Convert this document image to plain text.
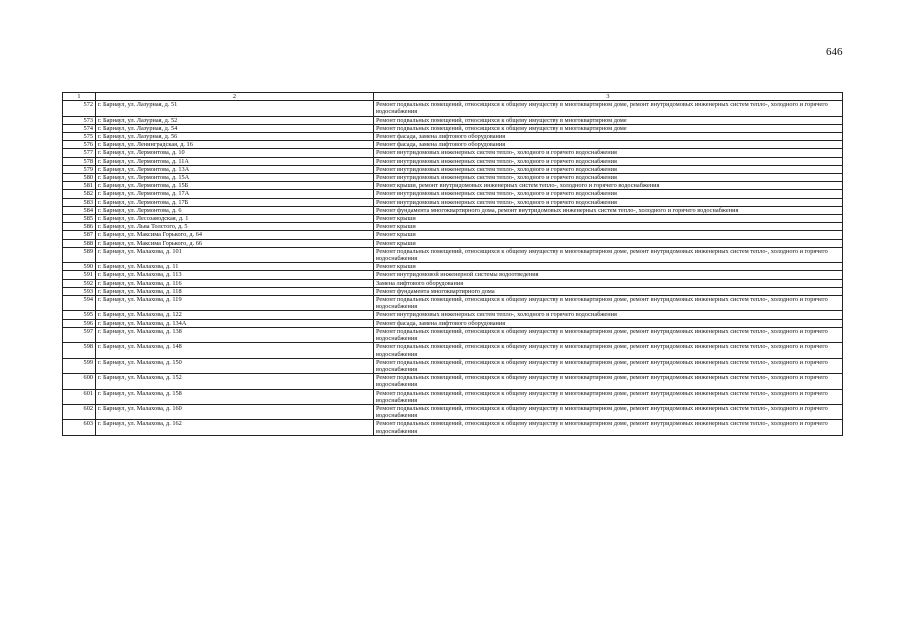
646
1	2	3
572	г. Барнаул, ул. Лазурная, д. 51	Ремонт подвальных помещений, относящихся к общему имуществу в многоквартирном доме, ремонт внутридомовых инженерных систем тепло-, холодного и горячего водоснабжения
573	г. Барнаул, ул. Лазурная, д. 52	Ремонт подвальных помещений, относящихся к общему имуществу в многоквартирном доме
574	г. Барнаул, ул. Лазурная, д. 54	Ремонт подвальных помещений, относящихся к общему имуществу в многоквартирном доме
575	г. Барнаул, ул. Лазурная, д. 56	Ремонт фасада, замена лифтового оборудования
576	г. Барнаул, ул. Ленинградская, д. 16	Ремонт фасада, замена лифтового оборудования
577	г. Барнаул, ул. Лермонтова, д. 10	Ремонт внутридомовых инженерных систем тепло-, холодного и горячего водоснабжения
578	г. Барнаул, ул. Лермонтова, д. 11А	Ремонт внутридомовых инженерных систем тепло-, холодного и горячего водоснабжения
579	г. Барнаул, ул. Лермонтова, д. 13А	Ремонт внутридомовых инженерных систем тепло-, холодного и горячего водоснабжения
580	г. Барнаул, ул. Лермонтова, д. 15А	Ремонт внутридомовых инженерных систем тепло-, холодного и горячего водоснабжения
581	г. Барнаул, ул. Лермонтова, д. 15Б	Ремонт крыши, ремонт внутридомовых инженерных систем тепло-, холодного и горячего водоснабжения
582	г. Барнаул, ул. Лермонтова, д. 17А	Ремонт внутридомовых инженерных систем тепло-, холодного и горячего водоснабжения
583	г. Барнаул, ул. Лермонтова, д. 17Б	Ремонт внутридомовых инженерных систем тепло-, холодного и горячего водоснабжения
584	г. Барнаул, ул. Лермонтова, д. 6	Ремонт фундамента многоквартирного дома, ремонт внутридомовых инженерных систем тепло-, холодного и горячего водоснабжения
585	г. Барнаул, ул. Лесозаводская, д. 1	Ремонт крыши
586	г. Барнаул, ул. Льва Толстого, д. 5	Ремонт крыши
587	г. Барнаул, ул. Максима Горького, д. 64	Ремонт крыши
588	г. Барнаул, ул. Максима Горького, д. 66	Ремонт крыши
589	г. Барнаул, ул. Малахова, д. 101	Ремонт подвальных помещений, относящихся к общему имуществу в многоквартирном доме, ремонт внутридомовых инженерных систем тепло-, холодного и горячего водоснабжения
590	г. Барнаул, ул. Малахова, д. 11	Ремонт крыши
591	г. Барнаул, ул. Малахова, д. 113	Ремонт внутридомовой инженерной системы водоотведения
592	г. Барнаул, ул. Малахова, д. 116	Замена лифтового оборудования
593	г. Барнаул, ул. Малахова, д. 118	Ремонт фундамента многоквартирного дома
594	г. Барнаул, ул. Малахова, д. 119	Ремонт подвальных помещений, относящихся к общему имуществу в многоквартирном доме, ремонт внутридомовых инженерных систем тепло-, холодного и горячего водоснабжения
595	г. Барнаул, ул. Малахова, д. 122	Ремонт внутридомовых инженерных систем тепло-, холодного и горячего водоснабжения
596	г. Барнаул, ул. Малахова, д. 134А	Ремонт фасада, замена лифтового оборудования
597	г. Барнаул, ул. Малахова, д. 138	Ремонт подвальных помещений, относящихся к общему имуществу в многоквартирном доме, ремонт внутридомовых инженерных систем тепло-, холодного и горячего водоснабжения
598	г. Барнаул, ул. Малахова, д. 148	Ремонт подвальных помещений, относящихся к общему имуществу в многоквартирном доме, ремонт внутридомовых инженерных систем тепло-, холодного и горячего водоснабжения
599	г. Барнаул, ул. Малахова, д. 150	Ремонт подвальных помещений, относящихся к общему имуществу в многоквартирном доме, ремонт внутридомовых инженерных систем тепло-, холодного и горячего водоснабжения
600	г. Барнаул, ул. Малахова, д. 152	Ремонт подвальных помещений, относящихся к общему имуществу в многоквартирном доме, ремонт внутридомовых инженерных систем тепло-, холодного и горячего водоснабжения
601	г. Барнаул, ул. Малахова, д. 158	Ремонт подвальных помещений, относящихся к общему имуществу в многоквартирном доме, ремонт внутридомовых инженерных систем тепло-, холодного и горячего водоснабжения
602	г. Барнаул, ул. Малахова, д. 160	Ремонт подвальных помещений, относящихся к общему имуществу в многоквартирном доме, ремонт внутридомовых инженерных систем тепло-, холодного и горячего водоснабжения
603	г. Барнаул, ул. Малахова, д. 162	Ремонт подвальных помещений, относящихся к общему имуществу в многоквартирном доме, ремонт внутридомовых инженерных систем тепло-, холодного и горячего водоснабжения
